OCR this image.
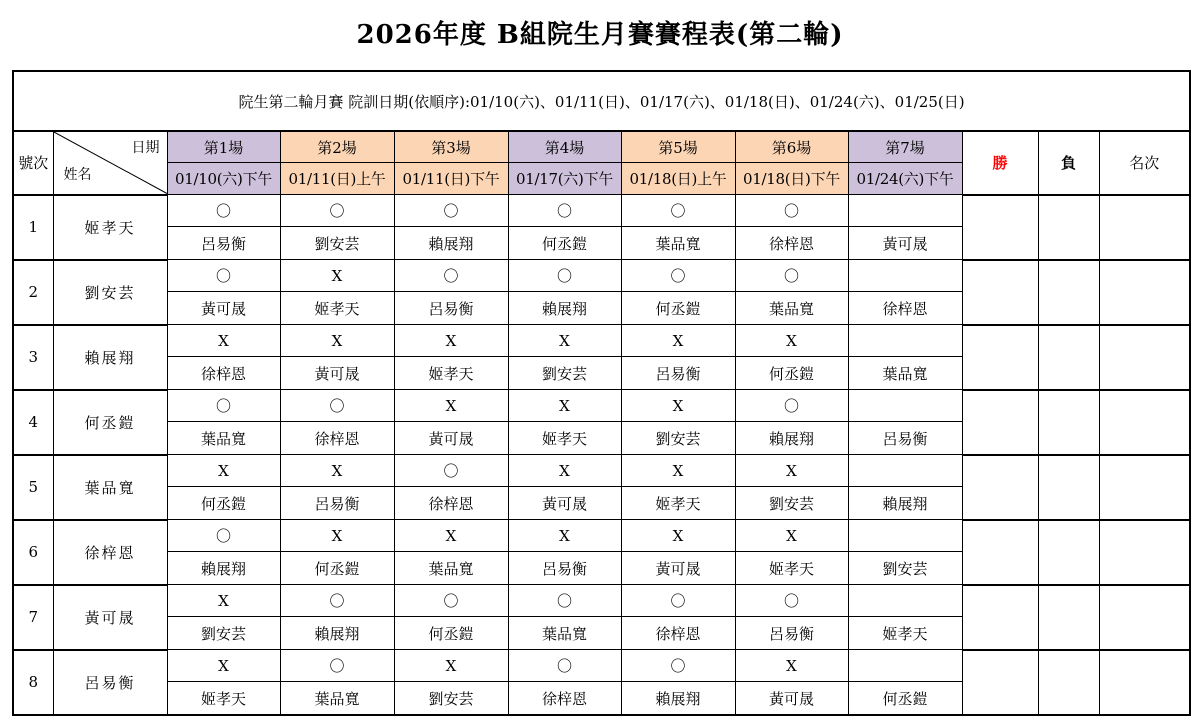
2026年度 B組院生月賽賽程表(第二輪)
院生第二輪月賽 院訓日期(依順序):01/10(六)、01/11(日)、01/17(六)、01/18(日)、01/24(六)、01/25(日)											
號次	日期
姓名	第1場	第2場	第3場	第4場	第5場	第6場	第7場	勝	負	名次
		01/10(六)下午	01/11(日)上午	01/11(日)下午	01/17(六)下午	01/18(日)上午	01/18(日)下午	01/24(六)下午			
1	姬孝天	〇	〇	〇	〇	〇	〇				
		呂易衡	劉安芸	賴展翔	何丞鎧	葉品寬	徐梓恩	黃可晟			
2	劉安芸	〇	X	〇	〇	〇	〇				
		黃可晟	姬孝天	呂易衡	賴展翔	何丞鎧	葉品寬	徐梓恩			
3	賴展翔	X	X	X	X	X	X				
		徐梓恩	黃可晟	姬孝天	劉安芸	呂易衡	何丞鎧	葉品寬			
4	何丞鎧	〇	〇	X	X	X	〇				
		葉品寬	徐梓恩	黃可晟	姬孝天	劉安芸	賴展翔	呂易衡			
5	葉品寬	X	X	〇	X	X	X				
		何丞鎧	呂易衡	徐梓恩	黃可晟	姬孝天	劉安芸	賴展翔			
6	徐梓恩	〇	X	X	X	X	X				
		賴展翔	何丞鎧	葉品寬	呂易衡	黃可晟	姬孝天	劉安芸			
7	黃可晟	X	〇	〇	〇	〇	〇				
		劉安芸	賴展翔	何丞鎧	葉品寬	徐梓恩	呂易衡	姬孝天			
8	呂易衡	X	〇	X	〇	〇	X				
		姬孝天	葉品寬	劉安芸	徐梓恩	賴展翔	黃可晟	何丞鎧			
